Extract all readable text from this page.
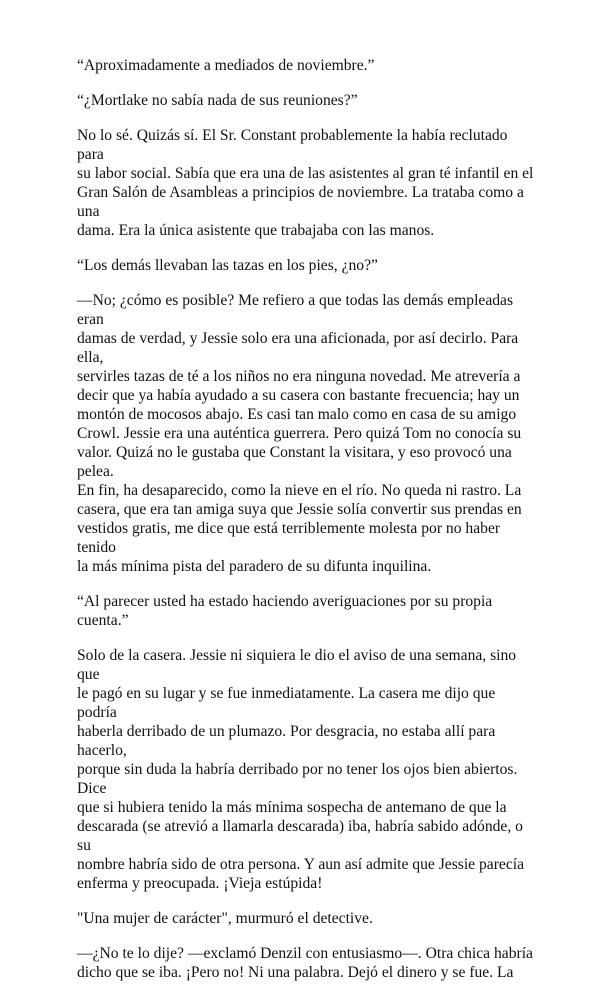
“Aproximadamente a mediados de noviembre.”

“¿Mortlake no sabía nada de sus reuniones?”

No lo sé. Quizás sí. El Sr. Constant probablemente la había reclutado para
su labor social. Sabía que era una de las asistentes al gran té infantil en el
Gran Salón de Asambleas a principios de noviembre. La trataba como a una
dama. Era la única asistente que trabajaba con las manos.

“Los demás llevaban las tazas en los pies, ¿no?”

—No; ¿cómo es posible? Me refiero a que todas las demás empleadas eran
damas de verdad, y Jessie solo era una aficionada, por así decirlo. Para ella,
servirles tazas de té a los niños no era ninguna novedad. Me atrevería a
decir que ya había ayudado a su casera con bastante frecuencia; hay un
montón de mocosos abajo. Es casi tan malo como en casa de su amigo
Crowl. Jessie era una auténtica guerrera. Pero quizá Tom no conocía su
valor. Quizá no le gustaba que Constant la visitara, y eso provocó una pelea.
En fin, ha desaparecido, como la nieve en el río. No queda ni rastro. La
casera, que era tan amiga suya que Jessie solía convertir sus prendas en
vestidos gratis, me dice que está terriblemente molesta por no haber tenido
la más mínima pista del paradero de su difunta inquilina.

“Al parecer usted ha estado haciendo averiguaciones por su propia cuenta.”

Solo de la casera. Jessie ni siquiera le dio el aviso de una semana, sino que
le pagó en su lugar y se fue inmediatamente. La casera me dijo que podría
haberla derribado de un plumazo. Por desgracia, no estaba allí para hacerlo,
porque sin duda la habría derribado por no tener los ojos bien abiertos. Dice
que si hubiera tenido la más mínima sospecha de antemano de que la
descarada (se atrevió a llamarla descarada) iba, habría sabido adónde, o su
nombre habría sido de otra persona. Y aun así admite que Jessie parecía
enferma y preocupada. ¡Vieja estúpida!

"Una mujer de carácter", murmuró el detective.

—¿No te lo dije? —exclamó Denzil con entusiasmo—. Otra chica habría
dicho que se iba. ¡Pero no! Ni una palabra. Dejó el dinero y se fue. La
